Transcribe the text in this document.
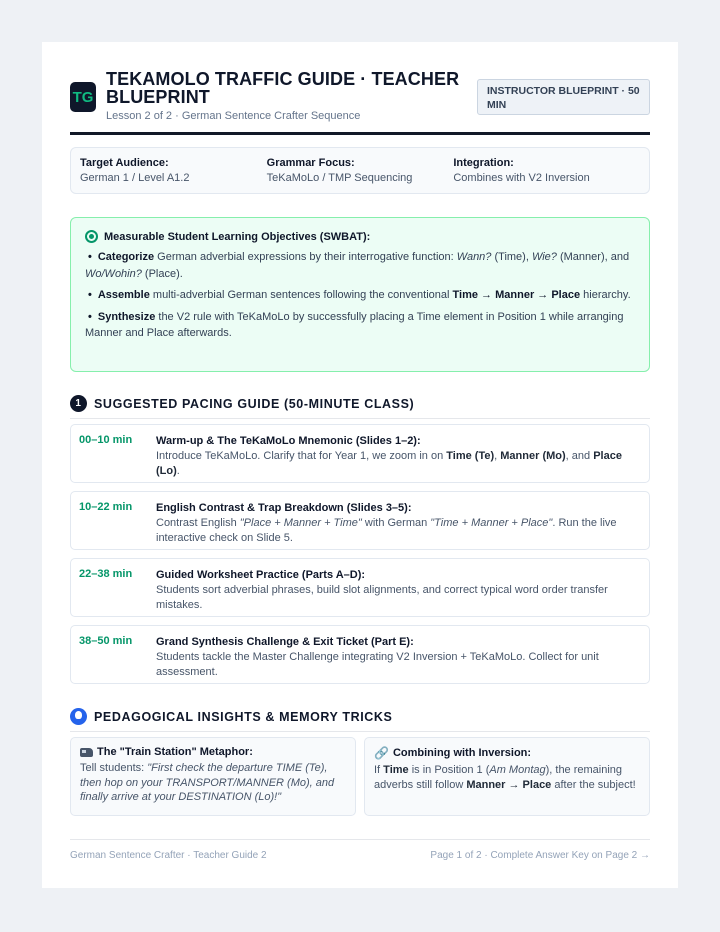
TG
TEKAMOLO TRAFFIC GUIDE · TEACHER BLUEPRINT
Lesson 2 of 2 · German Sentence Crafter Sequence
INSTRUCTOR BLUEPRINT · 50 MIN
Target Audience:
German 1 / Level A1.2
Grammar Focus:
TeKaMoLo / TMP Sequencing
Integration:
Combines with V2 Inversion
Measurable Student Learning Objectives (SWBAT):
• Categorize German adverbial expressions by their interrogative function: Wann? (Time), Wie? (Manner), and Wo/Wohin? (Place).
• Assemble multi-adverbial German sentences following the conventional Time → Manner → Place hierarchy.
• Synthesize the V2 rule with TeKaMoLo by successfully placing a Time element in Position 1 while arranging Manner and Place afterwards.
1 SUGGESTED PACING GUIDE (50-MINUTE CLASS)
00–10 min Warm-up & The TeKaMoLo Mnemonic (Slides 1–2):
Introduce TeKaMoLo. Clarify that for Year 1, we zoom in on Time (Te), Manner (Mo), and Place (Lo).
10–22 min English Contrast & Trap Breakdown (Slides 3–5):
Contrast English "Place + Manner + Time" with German "Time + Manner + Place". Run the live interactive check on Slide 5.
22–38 min Guided Worksheet Practice (Parts A–D):
Students sort adverbial phrases, build slot alignments, and correct typical word order transfer mistakes.
38–50 min Grand Synthesis Challenge & Exit Ticket (Part E):
Students tackle the Master Challenge integrating V2 Inversion + TeKaMoLo. Collect for unit assessment.
PEDAGOGICAL INSIGHTS & MEMORY TRICKS
The "Train Station" Metaphor:
Tell students: "First check the departure TIME (Te), then hop on your TRANSPORT/MANNER (Mo), and finally arrive at your DESTINATION (Lo)!"
🔗 Combining with Inversion:
If Time is in Position 1 (Am Montag), the remaining adverbs still follow Manner → Place after the subject!
German Sentence Crafter · Teacher Guide 2	Page 1 of 2 · Complete Answer Key on Page 2 →
